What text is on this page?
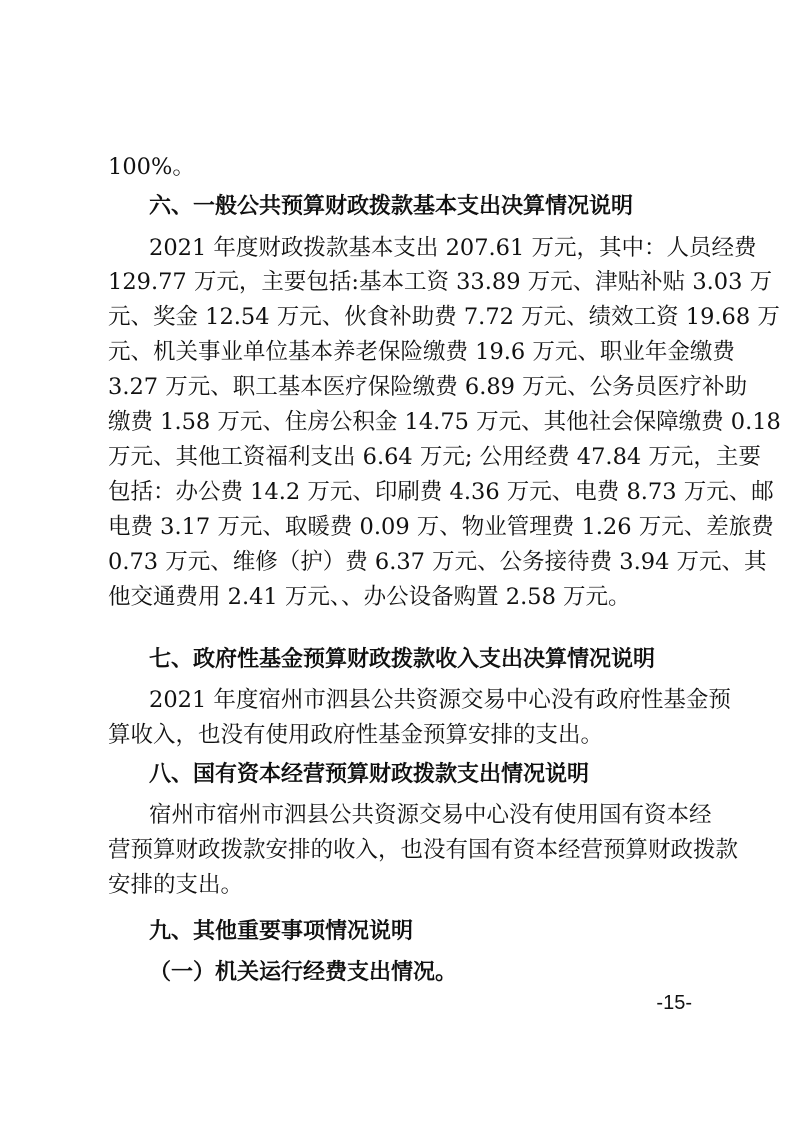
100%。

六、一般公共预算财政拨款基本支出决算情况说明

2021 年度财政拨款基本支出 207.61 万元，其中：人员经费
129.77 万元，主要包括:基本工资 33.89 万元、津贴补贴 3.03 万
元、奖金 12.54 万元、伙食补助费 7.72 万元、绩效工资 19.68 万
元、机关事业单位基本养老保险缴费 19.6 万元、职业年金缴费
3.27 万元、职工基本医疗保险缴费 6.89 万元、公务员医疗补助
缴费 1.58 万元、住房公积金 14.75 万元、其他社会保障缴费 0.18
万元、其他工资福利支出 6.64 万元; 公用经费 47.84 万元，主要
包括：办公费 14.2 万元、印刷费 4.36 万元、电费 8.73 万元、邮
电费 3.17 万元、取暖费 0.09 万、物业管理费 1.26 万元、差旅费
0.73 万元、维修（护）费 6.37 万元、公务接待费 3.94 万元、其
他交通费用 2.41 万元、、办公设备购置 2.58 万元。

七、政府性基金预算财政拨款收入支出决算情况说明

2021 年度宿州市泗县公共资源交易中心没有政府性基金预
算收入，也没有使用政府性基金预算安排的支出。

八、国有资本经营预算财政拨款支出情况说明

宿州市宿州市泗县公共资源交易中心没有使用国有资本经
营预算财政拨款安排的收入，也没有国有资本经营预算财政拨款
安排的支出。

九、其他重要事项情况说明

（一）机关运行经费支出情况。

-15-
